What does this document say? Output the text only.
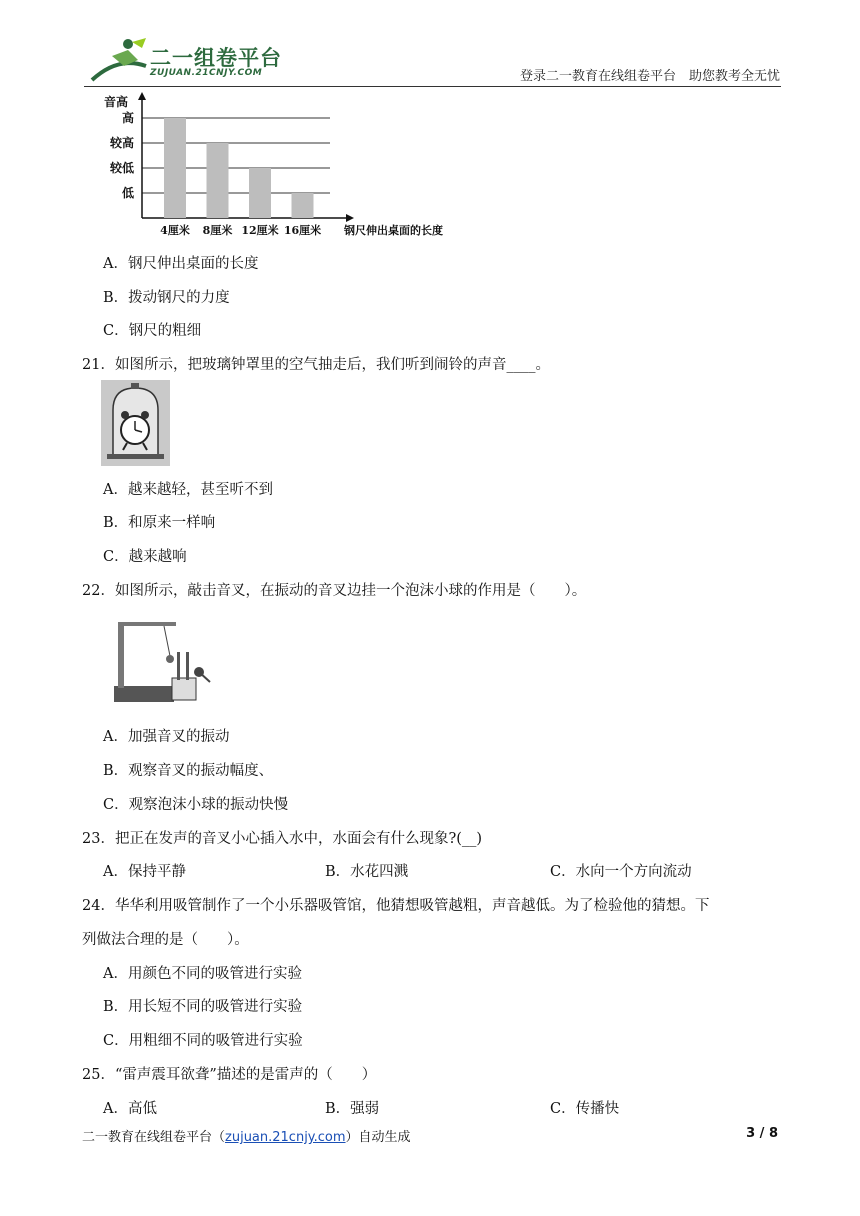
二一组卷平台
ZUJUAN.21CNJY.COM	登录二一教育在线组卷平台　助您教考全无忧
音高
低
较低
较高
高
4厘米 8厘米 12厘米 16厘米 钢尺伸出桌面的长度
A．钢尺伸出桌面的长度
B．拨动钢尺的力度
C．钢尺的粗细
21．如图所示，把玻璃钟罩里的空气抽走后，我们听到闹铃的声音____。
A．越来越轻，甚至听不到
B．和原来一样响
C．越来越响
22．如图所示，敲击音叉，在振动的音叉边挂一个泡沫小球的作用是（　　）。
A．加强音叉的振动
B．观察音叉的振动幅度、
C．观察泡沫小球的振动快慢
23．把正在发声的音叉小心插入水中，水面会有什么现象?(__)
A．保持平静	B．水花四溅	C．水向一个方向流动
24．华华利用吸管制作了一个小乐器吸管馆，他猜想吸管越粗，声音越低。为了检验他的猜想。下
列做法合理的是（　　）。
A．用颜色不同的吸管进行实验
B．用长短不同的吸管进行实验
C．用粗细不同的吸管进行实验
25．“雷声震耳欲聋”描述的是雷声的（　　）
A．高低	B．强弱	C．传播快
二一教育在线组卷平台（zujuan.21cnjy.com）自动生成	3 / 8
